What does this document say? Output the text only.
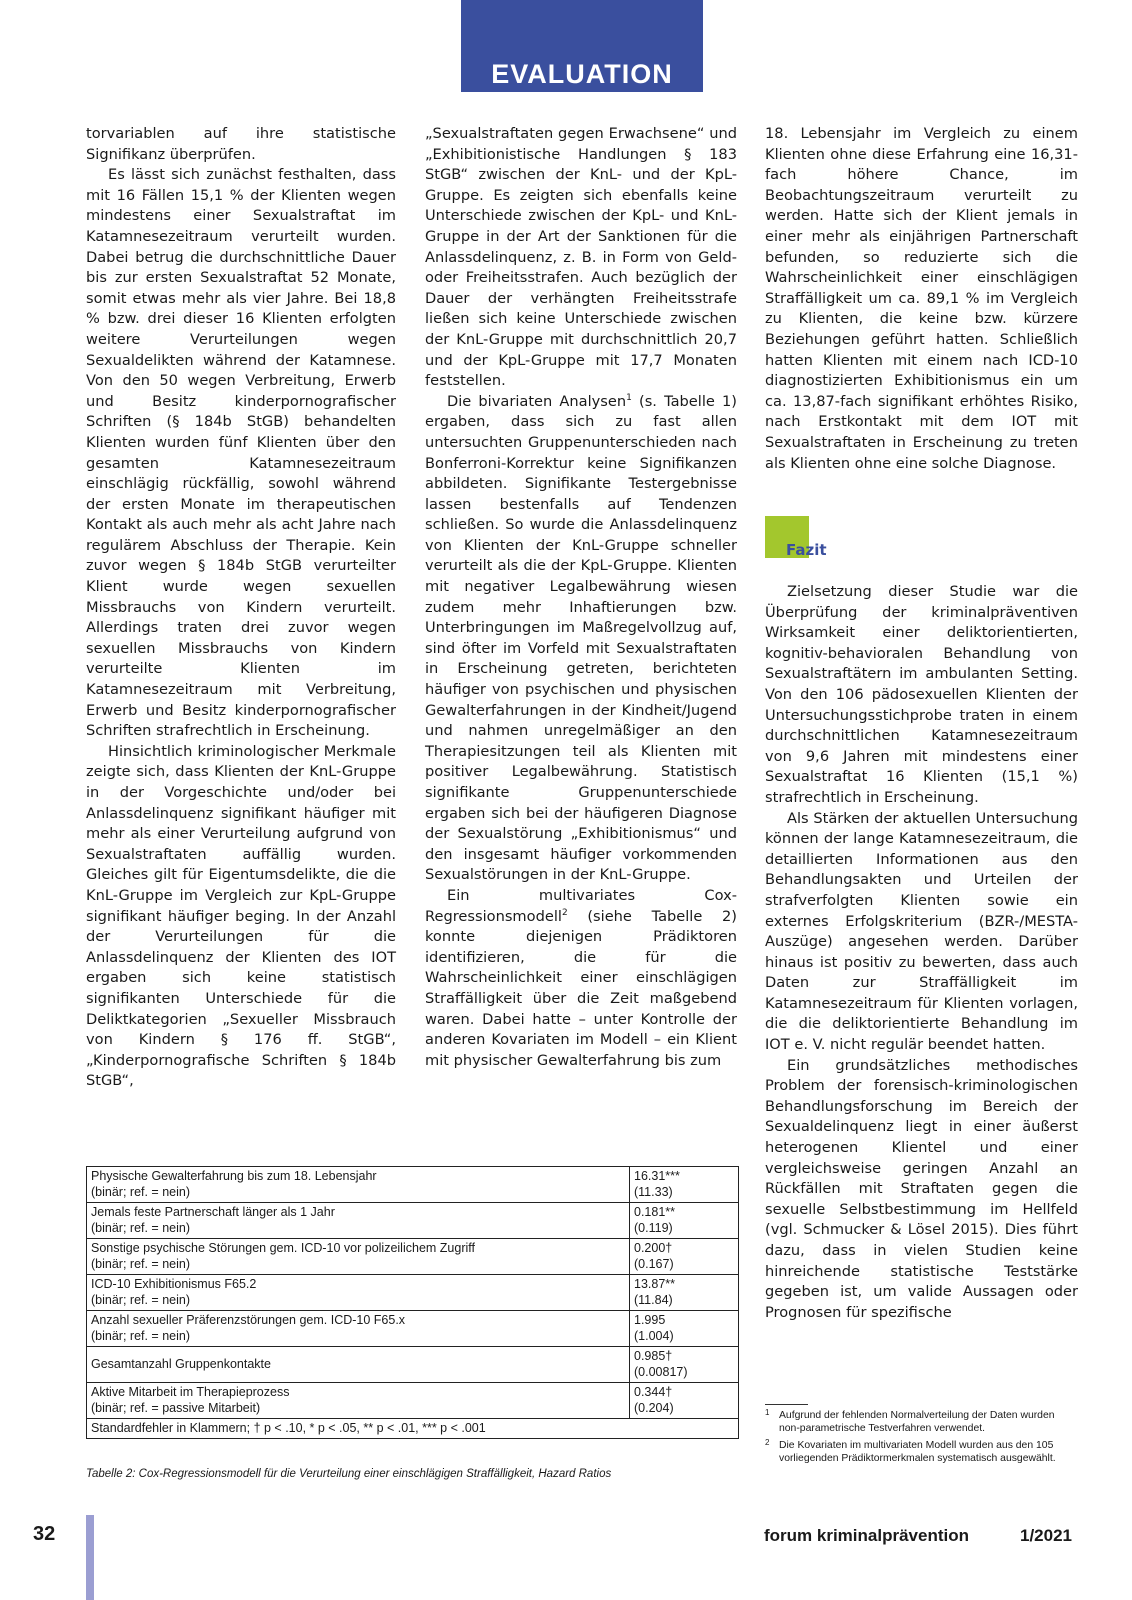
EVALUATION

torvariablen auf ihre statistische Signifikanz überprüfen.

Es lässt sich zunächst festhalten, dass mit 16 Fällen 15,1 % der Klienten wegen mindestens einer Sexualstraftat im Katamnesezeitraum verurteilt wurden. Dabei betrug die durchschnittliche Dauer bis zur ersten Sexualstraftat 52 Monate, somit etwas mehr als vier Jahre. Bei 18,8 % bzw. drei dieser 16 Klienten erfolgten weitere Verurteilungen wegen Sexualdelikten während der Katamnese. Von den 50 wegen Verbreitung, Erwerb und Besitz kinderpornografischer Schriften (§ 184b StGB) behandelten Klienten wurden fünf Klienten über den gesamten Katamnesezeitraum einschlägig rückfällig, sowohl während der ersten Monate im therapeutischen Kontakt als auch mehr als acht Jahre nach regulärem Abschluss der Therapie. Kein zuvor wegen § 184b StGB verurteilter Klient wurde wegen sexuellen Missbrauchs von Kindern verurteilt. Allerdings traten drei zuvor wegen sexuellen Missbrauchs von Kindern verurteilte Klienten im Katamnesezeitraum mit Verbreitung, Erwerb und Besitz kinderpornografischer Schriften strafrechtlich in Erscheinung.

Hinsichtlich kriminologischer Merkmale zeigte sich, dass Klienten der KnL-Gruppe in der Vorgeschichte und/oder bei Anlassdelinquenz signifikant häufiger mit mehr als einer Verurteilung aufgrund von Sexualstraftaten auffällig wurden. Gleiches gilt für Eigentumsdelikte, die die KnL-Gruppe im Vergleich zur KpL-Gruppe signifikant häufiger beging. In der Anzahl der Verurteilungen für die Anlassdelinquenz der Klienten des IOT ergaben sich keine statistisch signifikanten Unterschiede für die Deliktkategorien „Sexueller Missbrauch von Kindern § 176 ff. StGB“, „Kinderpornografische Schriften § 184b StGB“,

„Sexualstraftaten gegen Erwachsene“ und „Exhibitionistische Handlungen § 183 StGB“ zwischen der KnL- und der KpL-Gruppe. Es zeigten sich ebenfalls keine Unterschiede zwischen der KpL- und KnL-Gruppe in der Art der Sanktionen für die Anlassdelinquenz, z. B. in Form von Geld- oder Freiheitsstrafen. Auch bezüglich der Dauer der verhängten Freiheitsstrafe ließen sich keine Unterschiede zwischen der KnL-Gruppe mit durchschnittlich 20,7 und der KpL-Gruppe mit 17,7 Monaten feststellen.

Die bivariaten Analysen$^1$ (s. Tabelle 1) ergaben, dass sich zu fast allen untersuchten Gruppenunterschieden nach Bonferroni-Korrektur keine Signifikanzen abbildeten. Signifikante Testergebnisse lassen bestenfalls auf Tendenzen schließen. So wurde die Anlassdelinquenz von Klienten der KnL-Gruppe schneller verurteilt als die der KpL-Gruppe. Klienten mit negativer Legalbewährung wiesen zudem mehr Inhaftierungen bzw. Unterbringungen im Maßregelvollzug auf, sind öfter im Vorfeld mit Sexualstraftaten in Erscheinung getreten, berichteten häufiger von psychischen und physischen Gewalterfahrungen in der Kindheit/Jugend und nahmen unregelmäßiger an den Therapiesitzungen teil als Klienten mit positiver Legalbewährung. Statistisch signifikante Gruppenunterschiede ergaben sich bei der häufigeren Diagnose der Sexualstörung „Exhibitionismus“ und den insgesamt häufiger vorkommenden Sexualstörungen in der KnL-Gruppe.

Ein multivariates Cox-Regressionsmodell$^2$ (siehe Tabelle 2) konnte diejenigen Prädiktoren identifizieren, die für die Wahrscheinlichkeit einer einschlägigen Straffälligkeit über die Zeit maßgebend waren. Dabei hatte – unter Kontrolle der anderen Kovariaten im Modell – ein Klient mit physischer Gewalterfahrung bis zum

18. Lebensjahr im Vergleich zu einem Klienten ohne diese Erfahrung eine 16,31-fach höhere Chance, im Beobachtungszeitraum verurteilt zu werden. Hatte sich der Klient jemals in einer mehr als einjährigen Partnerschaft befunden, so reduzierte sich die Wahrscheinlichkeit einer einschlägigen Straffälligkeit um ca. 89,1 % im Vergleich zu Klienten, die keine bzw. kürzere Beziehungen geführt hatten. Schließlich hatten Klienten mit einem nach ICD-10 diagnostizierten Exhibitionismus ein um ca. 13,87-fach signifikant erhöhtes Risiko, nach Erstkontakt mit dem IOT mit Sexualstraftaten in Erscheinung zu treten als Klienten ohne eine solche Diagnose.

Fazit

Zielsetzung dieser Studie war die Überprüfung der kriminalpräventiven Wirksamkeit einer deliktorientierten, kognitiv-behavioralen Behandlung von Sexualstraftätern im ambulanten Setting. Von den 106 pädosexuellen Klienten der Untersuchungsstichprobe traten in einem durchschnittlichen Katamnesezeitraum von 9,6 Jahren mit mindestens einer Sexualstraftat 16 Klienten (15,1 %) strafrechtlich in Erscheinung.

Als Stärken der aktuellen Untersuchung können der lange Katamnesezeitraum, die detaillierten Informationen aus den Behandlungsakten und Urteilen der strafverfolgten Klienten sowie ein externes Erfolgskriterium (BZR-/MESTA-Auszüge) angesehen werden. Darüber hinaus ist positiv zu bewerten, dass auch Daten zur Straffälligkeit im Katamnesezeitraum für Klienten vorlagen, die die deliktorientierte Behandlung im IOT e. V. nicht regulär beendet hatten.

Ein grundsätzliches methodisches Problem der forensisch-kriminologischen Behandlungsforschung im Bereich der Sexualdelinquenz liegt in einer äußerst heterogenen Klientel und einer vergleichsweise geringen Anzahl an Rückfällen mit Straftaten gegen die sexuelle Selbstbestimmung im Hellfeld (vgl. Schmucker & Lösel 2015). Dies führt dazu, dass in vielen Studien keine hinreichende statistische Teststärke gegeben ist, um valide Aussagen oder Prognosen für spezifische

Physische Gewalterfahrung bis zum 18. Lebensjahr
(binär; ref. = nein)	16.31***
(11.33)
Jemals feste Partnerschaft länger als 1 Jahr
(binär; ref. = nein)	0.181**
(0.119)
Sonstige psychische Störungen gem. ICD-10 vor polizeilichem Zugriff
(binär; ref. = nein)	0.200†
(0.167)
ICD-10 Exhibitionismus F65.2
(binär; ref. = nein)	13.87**
(11.84)
Anzahl sexueller Präferenzstörungen gem. ICD-10 F65.x
(binär; ref. = nein)	1.995
(1.004)
Gesamtanzahl Gruppenkontakte	0.985†
(0.00817)
Aktive Mitarbeit im Therapieprozess
(binär; ref. = passive Mitarbeit)	0.344†
(0.204)
Standardfehler in Klammern; † p < .10, * p < .05, ** p < .01, *** p < .001	
Tabelle 2: Cox-Regressionsmodell für die Verurteilung einer einschlägigen Straffälligkeit, Hazard Ratios
1 Aufgrund der fehlenden Normalverteilung der Daten wurden non-parametrische Testverfahren verwendet.
2 Die Kovariaten im multivariaten Modell wurden aus den 105 vorliegenden Prädiktormerkmalen systematisch ausgewählt.
32	forum kriminalprävention	1/2021
